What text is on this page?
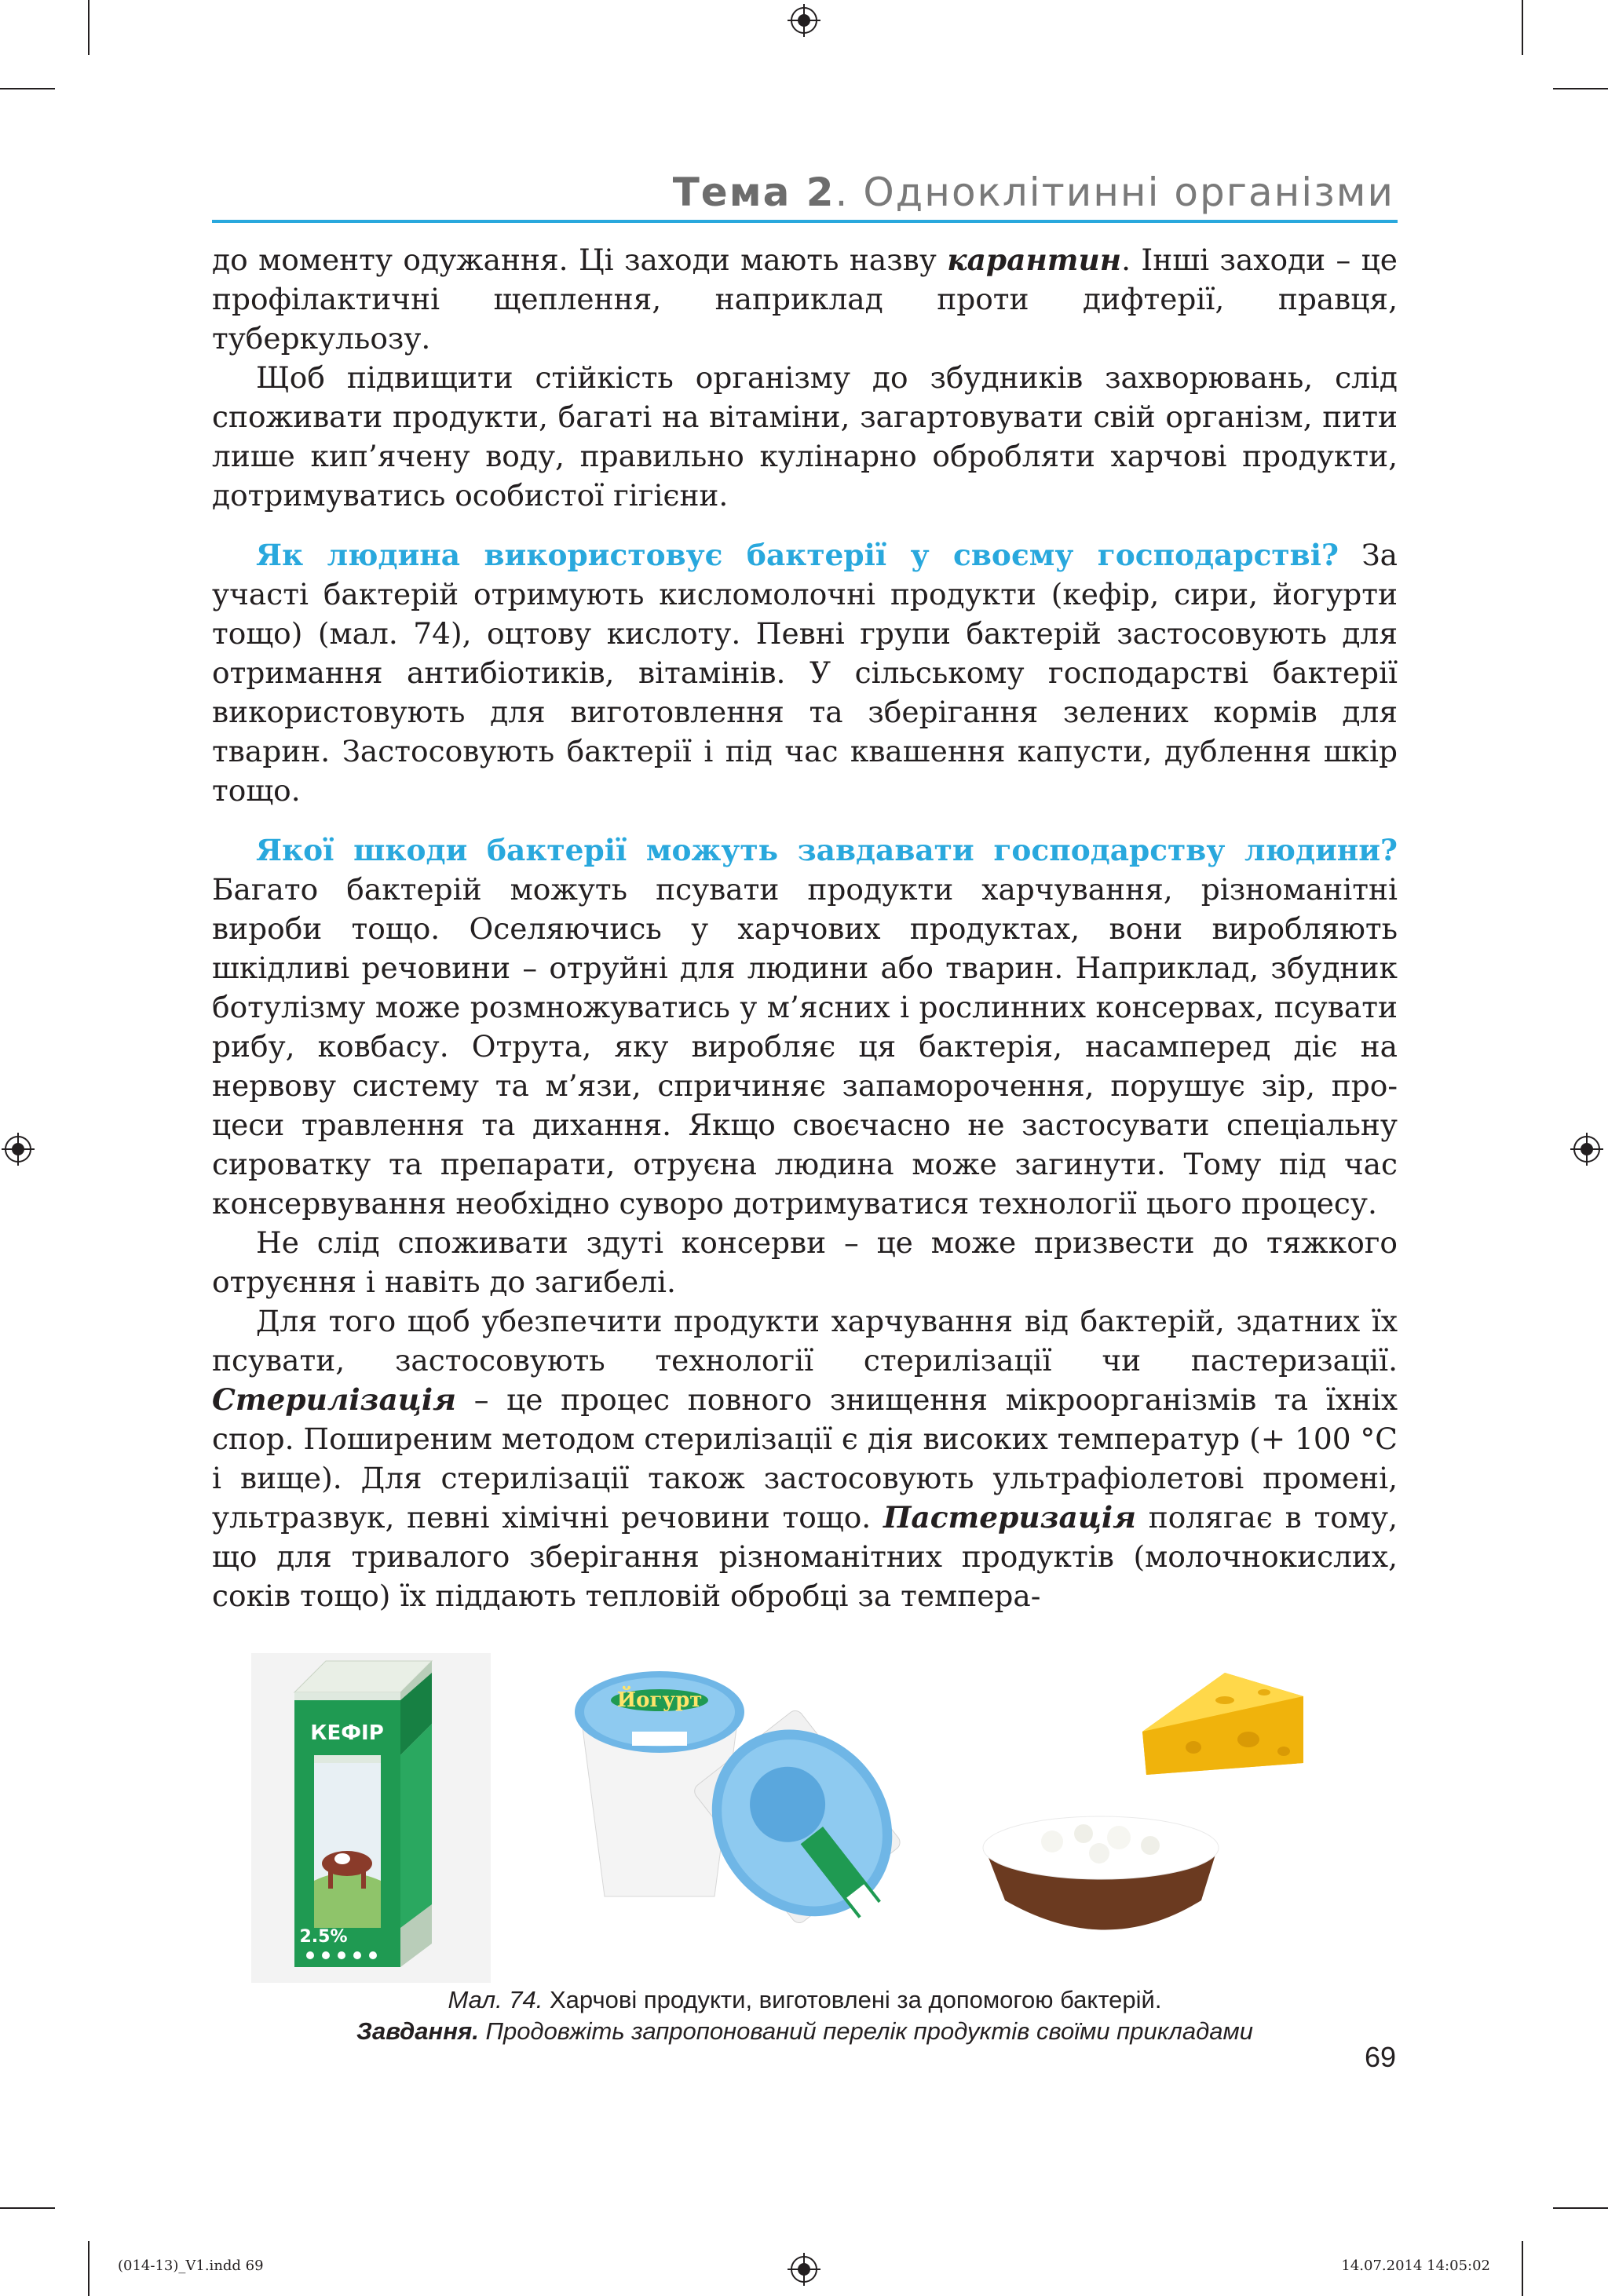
Тема 2. Одноклітинні організми

до моменту одужання. Ці заходи мають назву карантин. Інші заходи – це профілактичні щеплення, наприклад проти дифтерії, правця, туберкульозу.

Щоб підвищити стійкість організму до збудників захворювань, слід споживати продукти, багаті на вітаміни, загартовувати свій організм, пити лише кип’ячену воду, правильно кулінарно обробляти харчові продукти, дотримуватись особистої гігієни.

Як людина використовує бактерії у своєму господарстві? За участі бактерій отримують кисломолочні продукти (кефір, сири, йогурти тощо) (мал. 74), оцтову кислоту. Певні групи бактерій застосовують для отримання антибіотиків, вітамінів. У сільському господарстві бактерії використовують для виготовлення та зберігання зелених кормів для тварин. Застосовують бактерії і під час квашення капусти, дублення шкір тощо.

Якої шкоди бактерії можуть завдавати господарству людини? Багато бактерій можуть псувати продукти харчування, різноманітні вироби тощо. Оселяючись у харчових продуктах, вони виробляють шкідливі речовини – отруйні для людини або тварин. Наприклад, збудник ботулiзму може розмножуватись у м’ясних і рослинних консервах, псувати рибу, ковбасу. Отрута, яку виробляє ця бактерія, насамперед діє на нервову систему та м’язи, спричиняє запаморочення, порушує зір, процеси травлення та дихання. Якщо своєчасно не застосувати спеціальну сироватку та препарати, отруєна людина може загинути. Тому під час консервування необхідно суворо дотримуватися технології цього процесу.

Не слід споживати здуті консерви – це може призвести до тяжкого отруєння і навіть до загибелі.

Для того щоб убезпечити продукти харчування від бактерій, здатних їх псувати, застосовують технології стерилізації чи пастеризації. Стерилізація – це процес повного знищення мікроорганізмів та їхніх спор. Поширеним методом стерилізації є дія високих температур (+ 100 °С і вище). Для стерилізації також застосовують ультрафіолетові промені, ультразвук, певні хімічні речовини тощо. Пастеризація полягає в тому, що для тривалого зберігання різноманітних продуктів (молочнокислих, соків тощо) їх піддають тепловій обробці за темпера-

КЕФІР
2.5%
Йогурт
Мал. 74. Харчові продукти, виготовлені за допомогою бактерій.
Завдання. Продовжіть запропонований перелік продуктів своїми прикладами
69
(014-13)_V1.indd 69	14.07.2014 14:05:02
